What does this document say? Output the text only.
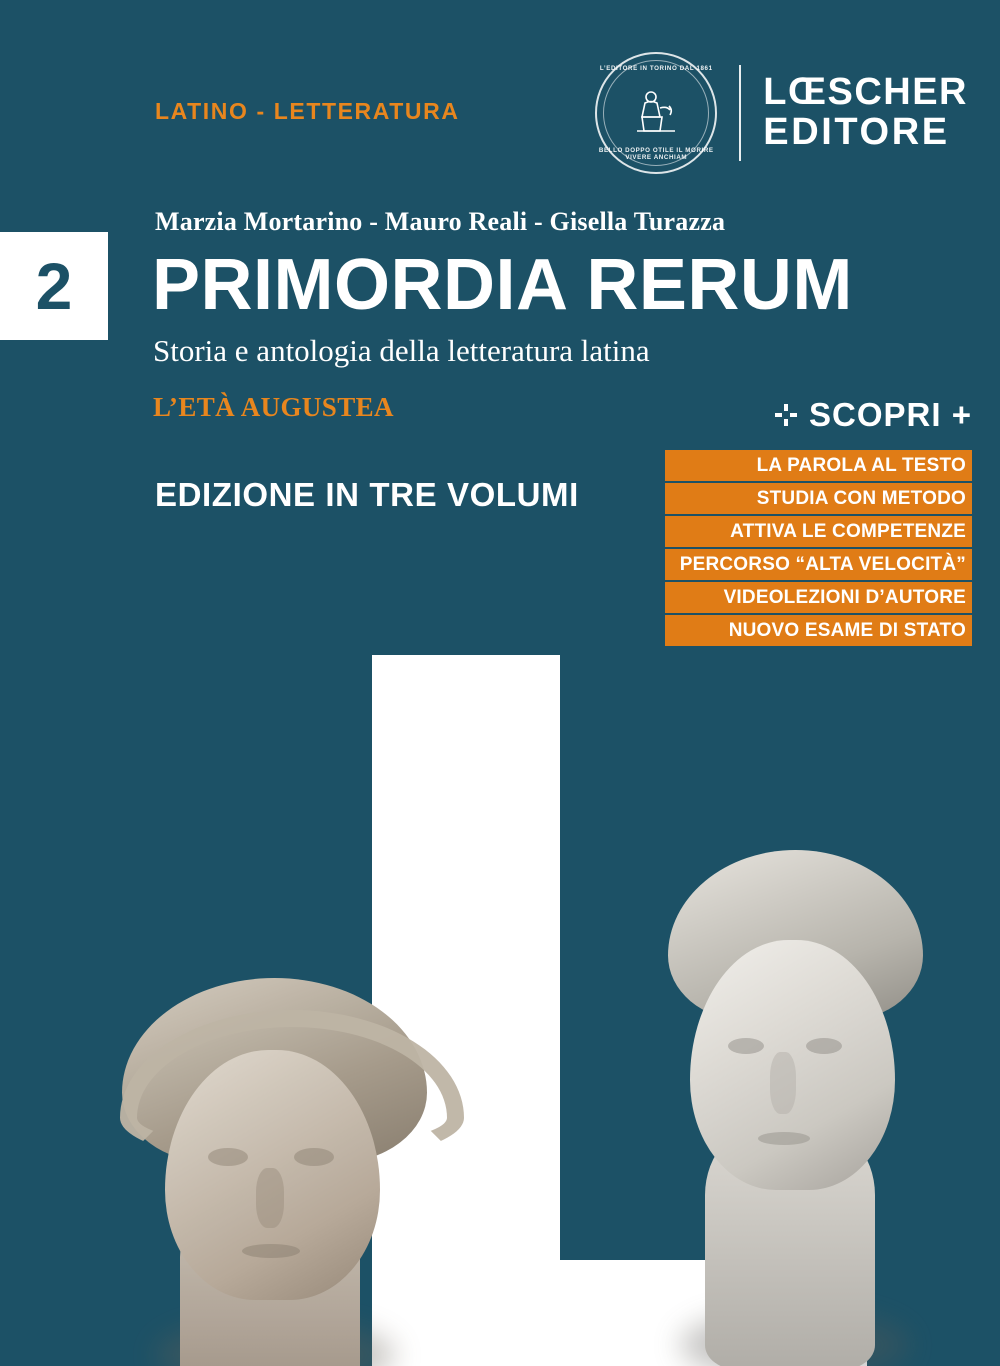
LATINO - LETTERATURA
L’EDITORE IN TORINO DAL 1861
BELLO DOPPO OTILE IL MORIRE VIVERE ANCHIAM
LŒSCHER
EDITORE
2
Marzia Mortarino - Mauro Reali - Gisella Turazza
PRIMORDIA RERUM
Storia e antologia della letteratura latina
L’ETÀ AUGUSTEA
EDIZIONE IN TRE VOLUMI
SCOPRI +
LA PAROLA AL TESTO
STUDIA CON METODO
ATTIVA LE COMPETENZE
PERCORSO “ALTA VELOCITÀ”
VIDEOLEZIONI D’AUTORE
NUOVO ESAME DI STATO
